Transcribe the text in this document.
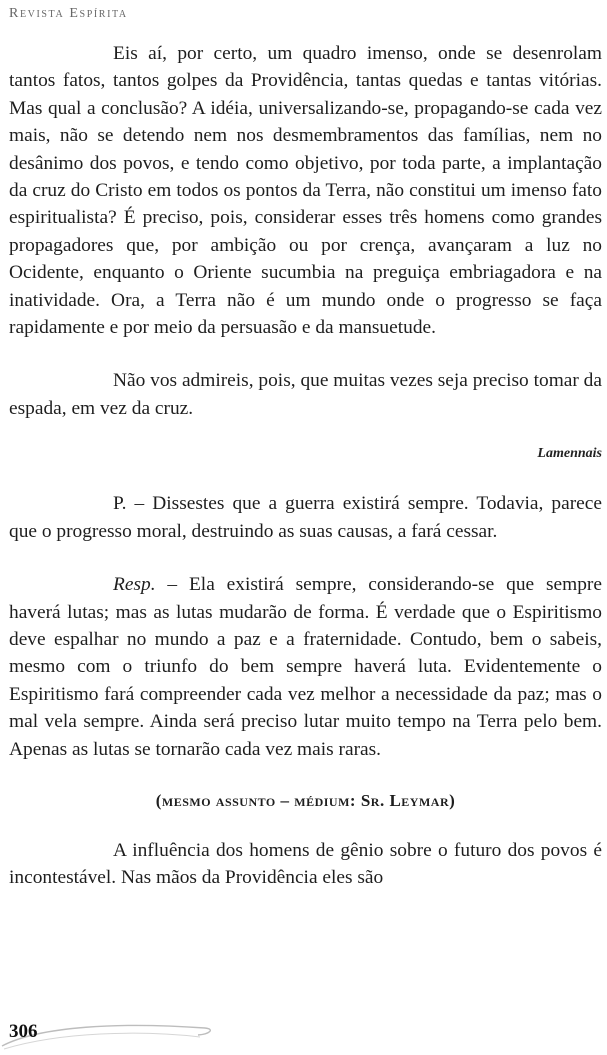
Revista Espírita

Eis aí, por certo, um quadro imenso, onde se desenrolam tantos fatos, tantos golpes da Providência, tantas quedas e tantas vitórias. Mas qual a conclusão? A idéia, universalizando-se, propagando-se cada vez mais, não se detendo nem nos desmembramentos das famílias, nem no desânimo dos povos, e tendo como objetivo, por toda parte, a implantação da cruz do Cristo em todos os pontos da Terra, não constitui um imenso fato espiritualista? É preciso, pois, considerar esses três homens como grandes propagadores que, por ambição ou por crença, avançaram a luz no Ocidente, enquanto o Oriente sucumbia na preguiça embriagadora e na inatividade. Ora, a Terra não é um mundo onde o progresso se faça rapidamente e por meio da persuasão e da mansuetude.

Não vos admireis, pois, que muitas vezes seja preciso tomar da espada, em vez da cruz.

Lamennais

P. – Dissestes que a guerra existirá sempre. Todavia, parece que o progresso moral, destruindo as suas causas, a fará cessar.

Resp. – Ela existirá sempre, considerando-se que sempre haverá lutas; mas as lutas mudarão de forma. É verdade que o Espiritismo deve espalhar no mundo a paz e a fraternidade. Contudo, bem o sabeis, mesmo com o triunfo do bem sempre haverá luta. Evidentemente o Espiritismo fará compreender cada vez melhor a necessidade da paz; mas o mal vela sempre. Ainda será preciso lutar muito tempo na Terra pelo bem. Apenas as lutas se tornarão cada vez mais raras.

(mesmo assunto – médium: Sr. Leymar)

A influência dos homens de gênio sobre o futuro dos povos é incontestável. Nas mãos da Providência eles são

306
